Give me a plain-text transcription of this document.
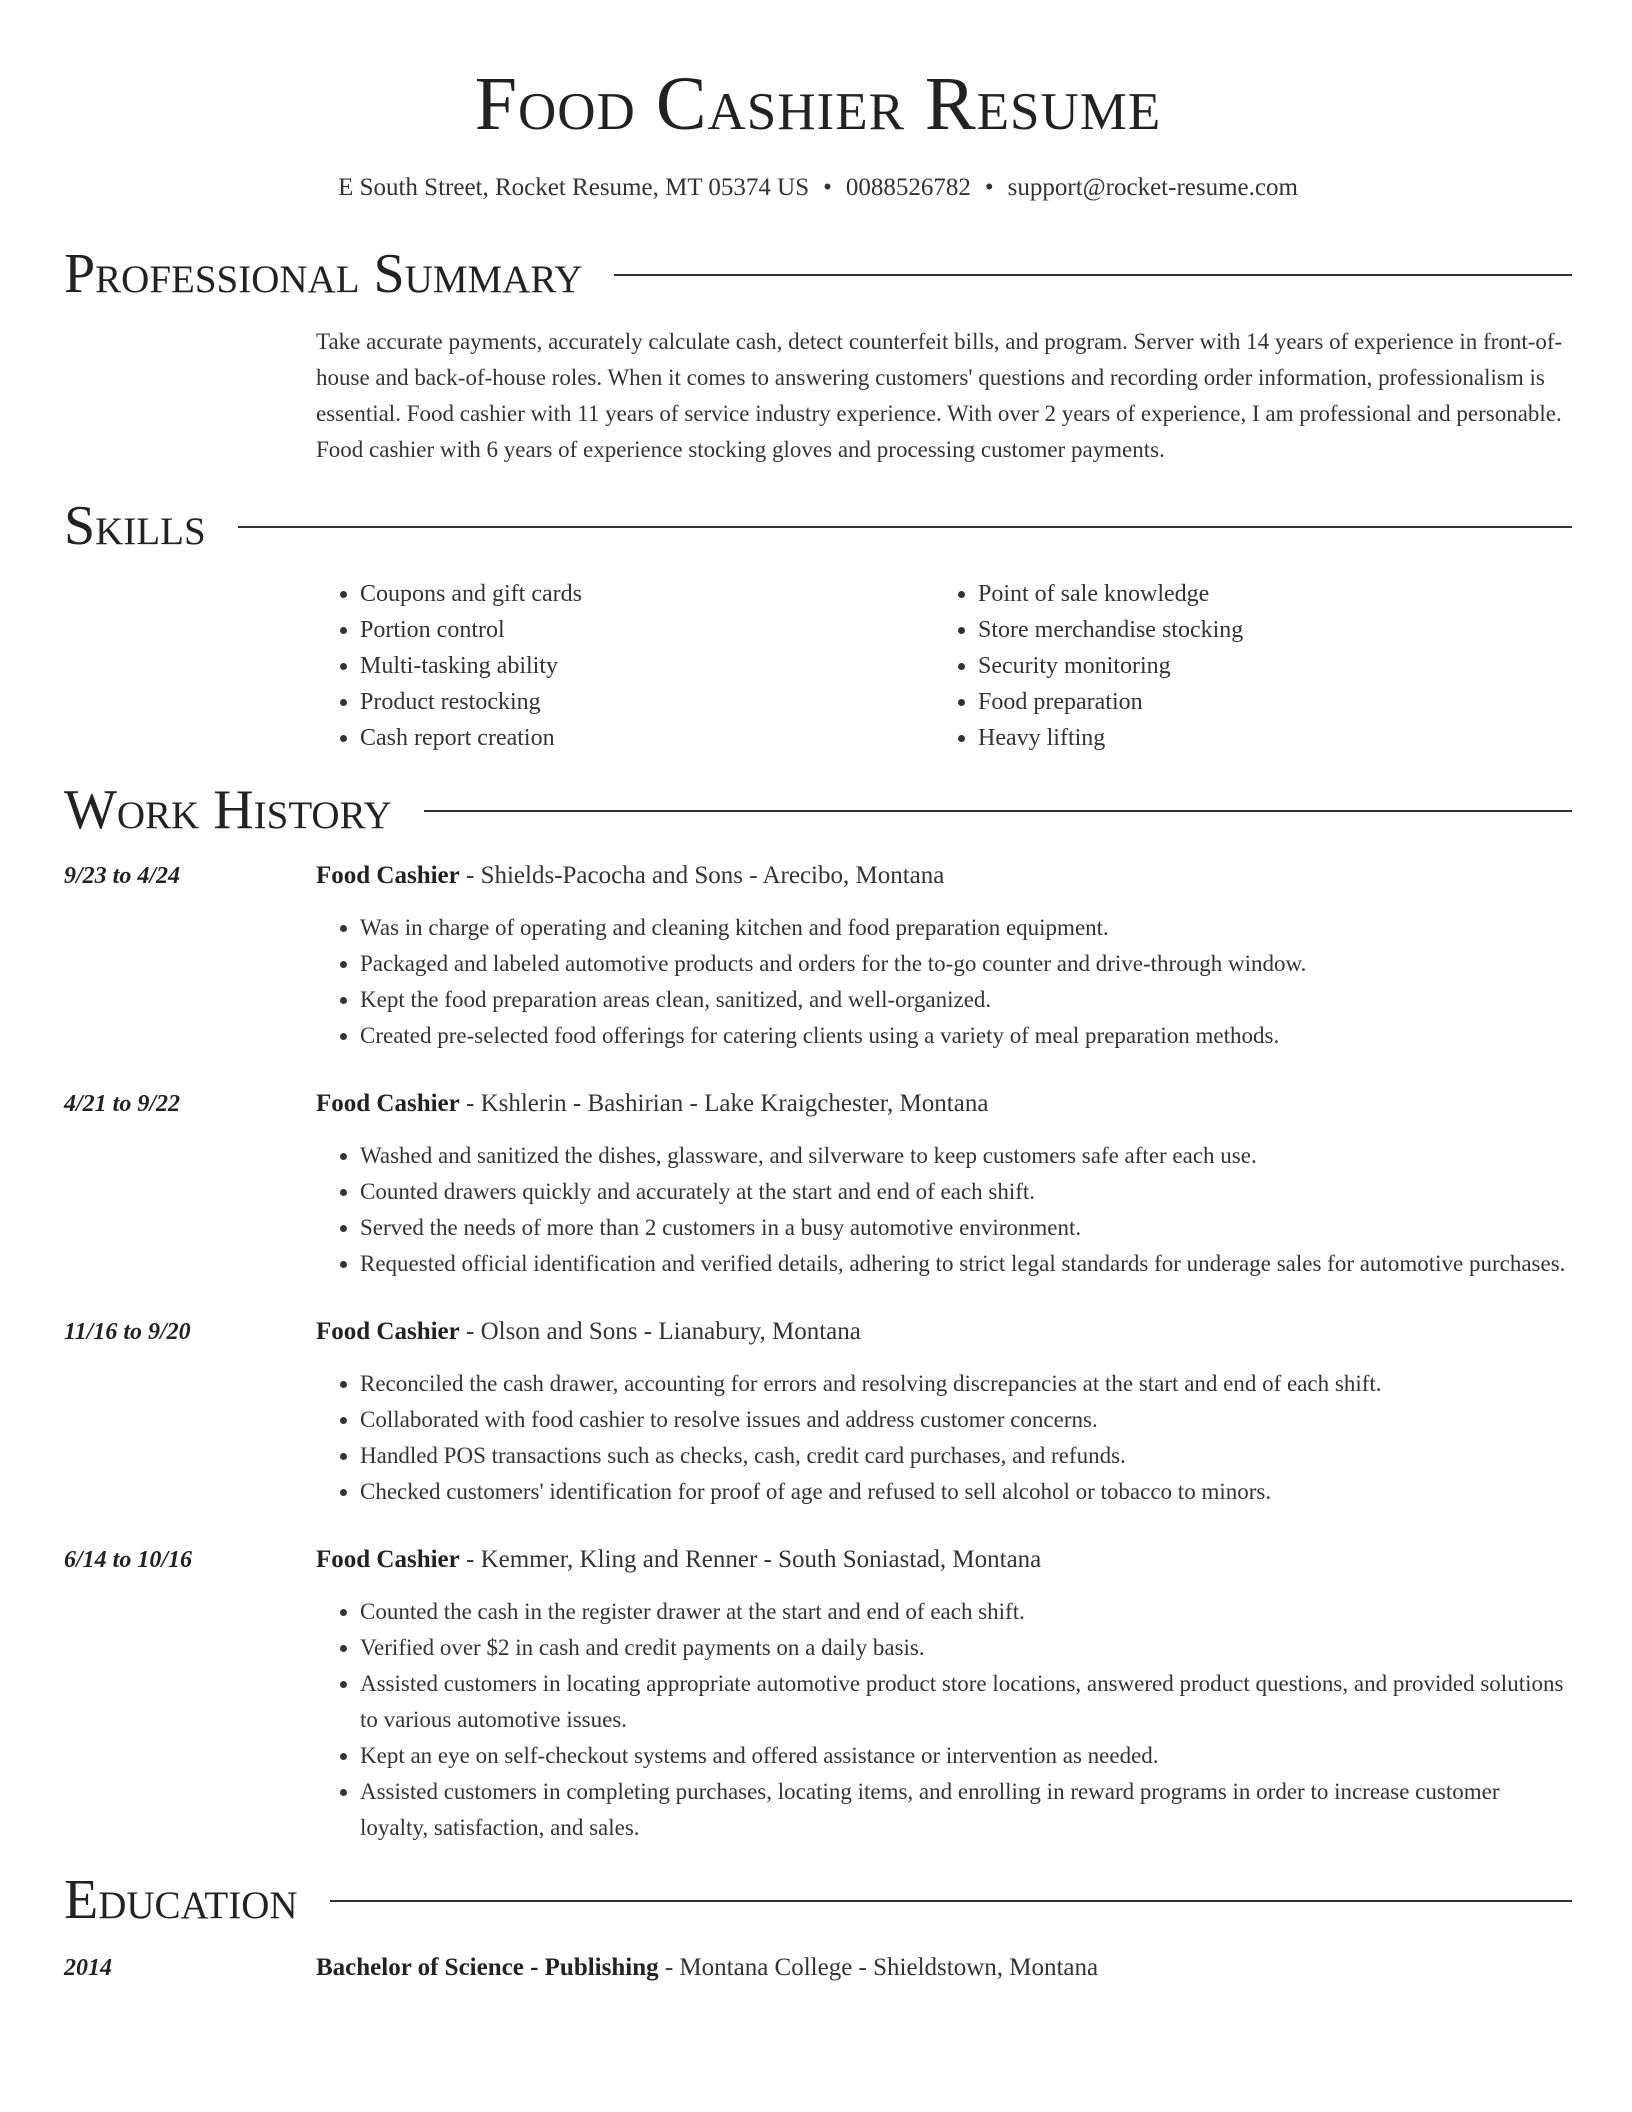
Food Cashier Resume
E South Street, Rocket Resume, MT 05374 US • 0088526782 • support@rocket-resume.com
Professional Summary

Take accurate payments, accurately calculate cash, detect counterfeit bills, and program. Server with 14 years of experience in front-of-house and back-of-house roles. When it comes to answering customers' questions and recording order information, professionalism is essential. Food cashier with 11 years of service industry experience. With over 2 years of experience, I am professional and personable. Food cashier with 6 years of experience stocking gloves and processing customer payments.

Skills
• Coupons and gift cards
• Portion control
• Multi-tasking ability
• Product restocking
• Cash report creation
• Point of sale knowledge
• Store merchandise stocking
• Security monitoring
• Food preparation
• Heavy lifting
Work History
9/23 to 4/24	Food Cashier - Shields-Pacocha and Sons - Arecibo, Montana
• Was in charge of operating and cleaning kitchen and food preparation equipment.
• Packaged and labeled automotive products and orders for the to-go counter and drive-through window.
• Kept the food preparation areas clean, sanitized, and well-organized.
• Created pre-selected food offerings for catering clients using a variety of meal preparation methods.
4/21 to 9/22	Food Cashier - Kshlerin - Bashirian - Lake Kraigchester, Montana
• Washed and sanitized the dishes, glassware, and silverware to keep customers safe after each use.
• Counted drawers quickly and accurately at the start and end of each shift.
• Served the needs of more than 2 customers in a busy automotive environment.
• Requested official identification and verified details, adhering to strict legal standards for underage sales for automotive purchases.
11/16 to 9/20	Food Cashier - Olson and Sons - Lianabury, Montana
• Reconciled the cash drawer, accounting for errors and resolving discrepancies at the start and end of each shift.
• Collaborated with food cashier to resolve issues and address customer concerns.
• Handled POS transactions such as checks, cash, credit card purchases, and refunds.
• Checked customers' identification for proof of age and refused to sell alcohol or tobacco to minors.
6/14 to 10/16	Food Cashier - Kemmer, Kling and Renner - South Soniastad, Montana
• Counted the cash in the register drawer at the start and end of each shift.
• Verified over $2 in cash and credit payments on a daily basis.
• Assisted customers in locating appropriate automotive product store locations, answered product questions, and provided solutions to various automotive issues.
• Kept an eye on self-checkout systems and offered assistance or intervention as needed.
• Assisted customers in completing purchases, locating items, and enrolling in reward programs in order to increase customer loyalty, satisfaction, and sales.
Education
2014	Bachelor of Science - Publishing - Montana College - Shieldstown, Montana
